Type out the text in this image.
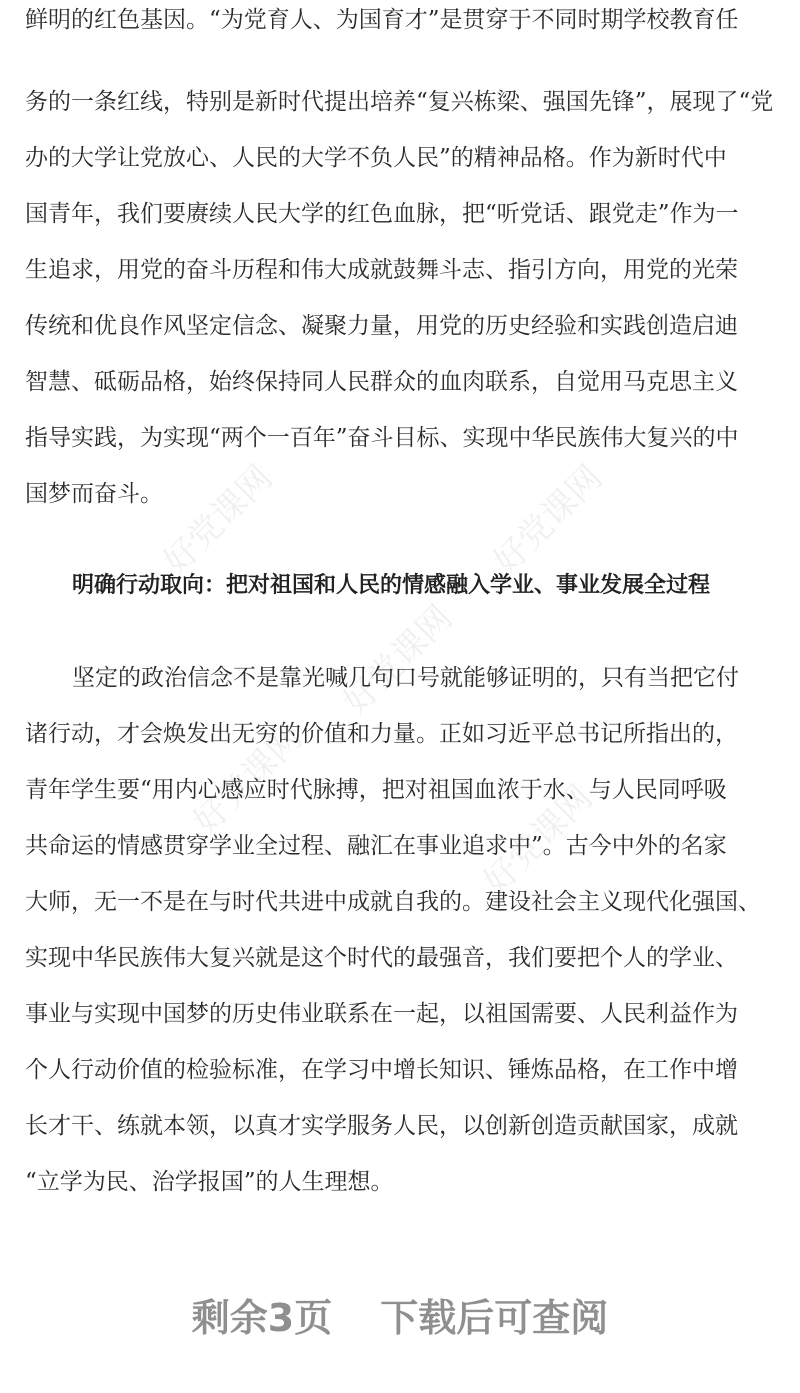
好党课网	好党课网
好党课网
好党课网	好党课网
鲜明的红色基因。“为党育人、为国育才”是贯穿于不同时期学校教育任
务的一条红线，特别是新时代提出培养“复兴栋梁、强国先锋”，展现了“党
办的大学让党放心、人民的大学不负人民”的精神品格。作为新时代中
国青年，我们要赓续人民大学的红色血脉，把“听党话、跟党走”作为一
生追求，用党的奋斗历程和伟大成就鼓舞斗志、指引方向，用党的光荣
传统和优良作风坚定信念、凝聚力量，用党的历史经验和实践创造启迪
智慧、砥砺品格，始终保持同人民群众的血肉联系，自觉用马克思主义
指导实践，为实现“两个一百年”奋斗目标、实现中华民族伟大复兴的中
国梦而奋斗。
明确行动取向：把对祖国和人民的情感融入学业、事业发展全过程
坚定的政治信念不是靠光喊几句口号就能够证明的，只有当把它付
诸行动，才会焕发出无穷的价值和力量。正如习近平总书记所指出的，
青年学生要“用内心感应时代脉搏，把对祖国血浓于水、与人民同呼吸
共命运的情感贯穿学业全过程、融汇在事业追求中”。古今中外的名家
大师，无一不是在与时代共进中成就自我的。建设社会主义现代化强国、
实现中华民族伟大复兴就是这个时代的最强音，我们要把个人的学业、
事业与实现中国梦的历史伟业联系在一起，以祖国需要、人民利益作为
个人行动价值的检验标准，在学习中增长知识、锤炼品格，在工作中增
长才干、练就本领，以真才实学服务人民，以创新创造贡献国家，成就
“立学为民、治学报国”的人生理想。
剩余3页 下载后可查阅
